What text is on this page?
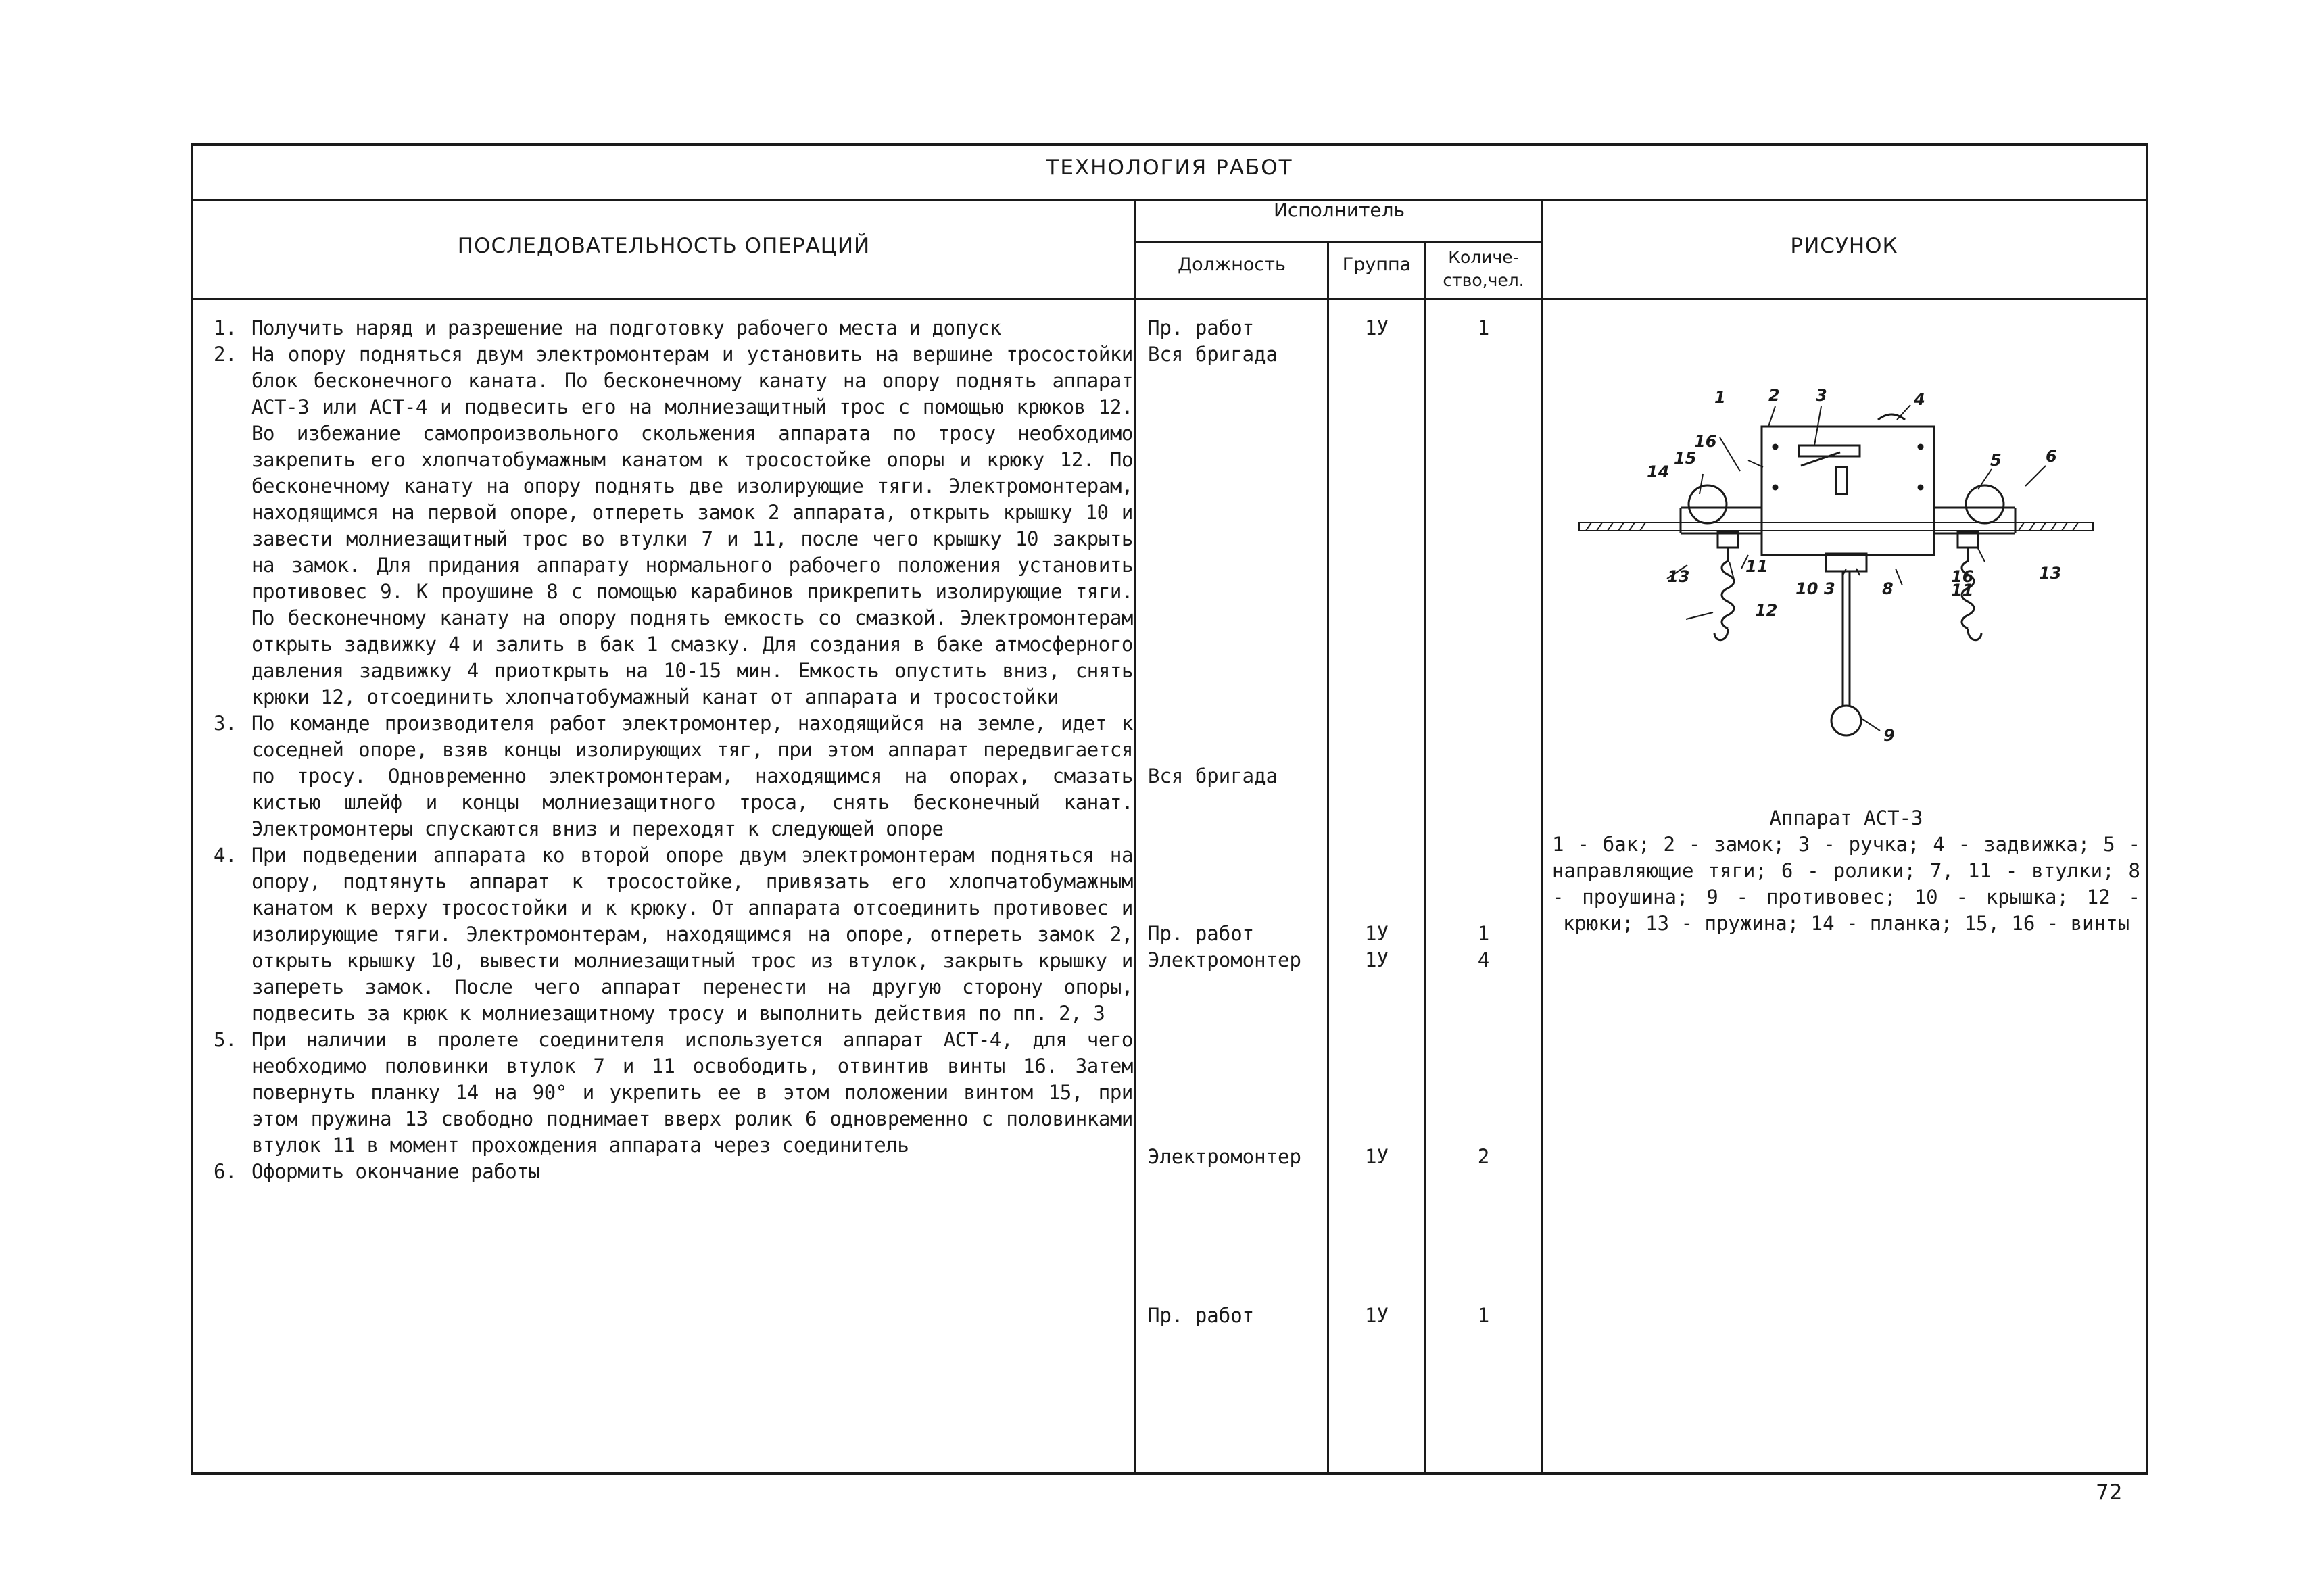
ТЕХНОЛОГИЯ РАБОТ
ПОСЛЕДОВАТЕЛЬНОСТЬ ОПЕРАЦИЙ
Исполнитель
Должность	Группа	Количе-
ство,чел.
РИСУНОК
1. Получить наряд и разрешение на подготовку рабочего места и допуск
2. На опору подняться двум электромонтерам и установить на вершине тросостойки блок бесконечного каната. По бесконечному канату на опору поднять аппарат АСТ-3 или АСТ-4 и подвесить его на молниезащитный трос с помощью крюков 12. Во избежание самопроизвольного скольжения аппарата по тросу необходимо закрепить его хлопчатобумажным канатом к тросостойке опоры и крюку 12. По бесконечному канату на опору поднять две изолирующие тяги. Электромонтерам, находящимся на первой опоре, отпереть замок 2 аппарата, открыть крышку 10 и завести молниезащитный трос во втулки 7 и 11, после чего крышку 10 закрыть на замок. Для придания аппарату нормального рабочего положения установить противовес 9. К проушине 8 с помощью карабинов прикрепить изолирующие тяги. По бесконечному канату на опору поднять емкость со смазкой. Электромонтерам открыть задвижку 4 и залить в бак 1 смазку. Для создания в баке атмосферного давления задвижку 4 приоткрыть на 10-15 мин. Емкость опустить вниз, снять крюки 12, отсоединить хлопчатобумажный канат от аппарата и тросостойки
3. По команде производителя работ электромонтер, находящийся на земле, идет к соседней опоре, взяв концы изолирующих тяг, при этом аппарат передвигается по тросу. Одновременно электромонтерам, находящимся на опорах, смазать кистью шлейф и концы молниезащитного троса, снять бесконечный канат. Электромонтеры спускаются вниз и переходят к следующей опоре
4. При подведении аппарата ко второй опоре двум электромонтерам подняться на опору, подтянуть аппарат к тросостойке, привязать его хлопчатобумажным канатом к верху тросостойки и к крюку. От аппарата отсоединить противовес и изолирующие тяги. Электромонтерам, находящимся на опоре, отпереть замок 2, открыть крышку 10, вывести молниезащитный трос из втулок, закрыть крышку и запереть замок. После чего аппарат перенести на другую сторону опоры, подвесить за крюк к молниезащитному тросу и выполнить действия по пп. 2, 3
5. При наличии в пролете соединителя используется аппарат АСТ-4, для чего необходимо половинки втулок 7 и 11 освободить, отвинтив винты 16. Затем повернуть планку 14 на 90° и укрепить ее в этом положении винтом 15, при этом пружина 13 свободно поднимает вверх ролик 6 одновременно с половинками втулок 11 в момент прохождения аппарата через соединитель
6. Оформить окончание работы
Пр. работ	1У	1
Вся бригада
Вся бригада
Пр. работ	1У	1
Электромонтер	1У	4
Электромонтер	1У	2
Пр. работ	1У	1
1	2 3	4
5	6
9
10 3	8
11
11
12
13	13
14
15
16
16
Аппарат АСТ-3
1 - бак; 2 - замок; 3 - ручка; 4 - задвижка; 5 - направляющие тяги; 6 - ролики; 7, 11 - втулки; 8 - проушина; 9 - противовес; 10 - крышка; 12 - крюки; 13 - пружина; 14 - планка; 15, 16 - винты
72
